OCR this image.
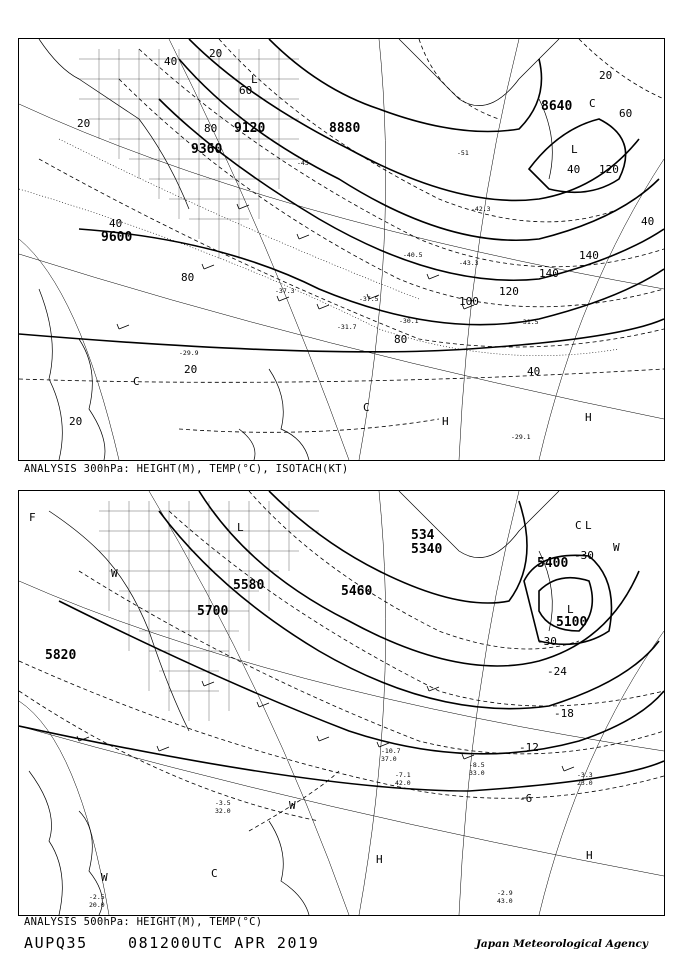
9360
9600
8640
8880
9120
20
40
60
80
100
120
140
20
40
80
40
40
140
120
20
20
40
20
80
60
L
L
C
C
C
H	H
-29.1
-29.9
-31.5
-30.1
-37.5
-43.3
-40.5
-31.7
-37.3
-45
-51
-42.3
ANALYSIS 300hPa: HEIGHT(M), TEMP(°C), ISOTACH(KT)
5700
5820
5100
5340
5460
5580
534
5400
-30
-30
-24
-18
-12
-6
L	L
C
L
C
W
W
W
W
H	H
F
-2.9
43.0
-2.5
20.0
-3.5
32.0
-7.1
42.0
-10.7
37.0
-8.5
33.0	-3.3
23.0
ANALYSIS 500hPa: HEIGHT(M), TEMP(°C)
AUPQ35	081200UTC APR 2019	Japan Meteorological Agency
